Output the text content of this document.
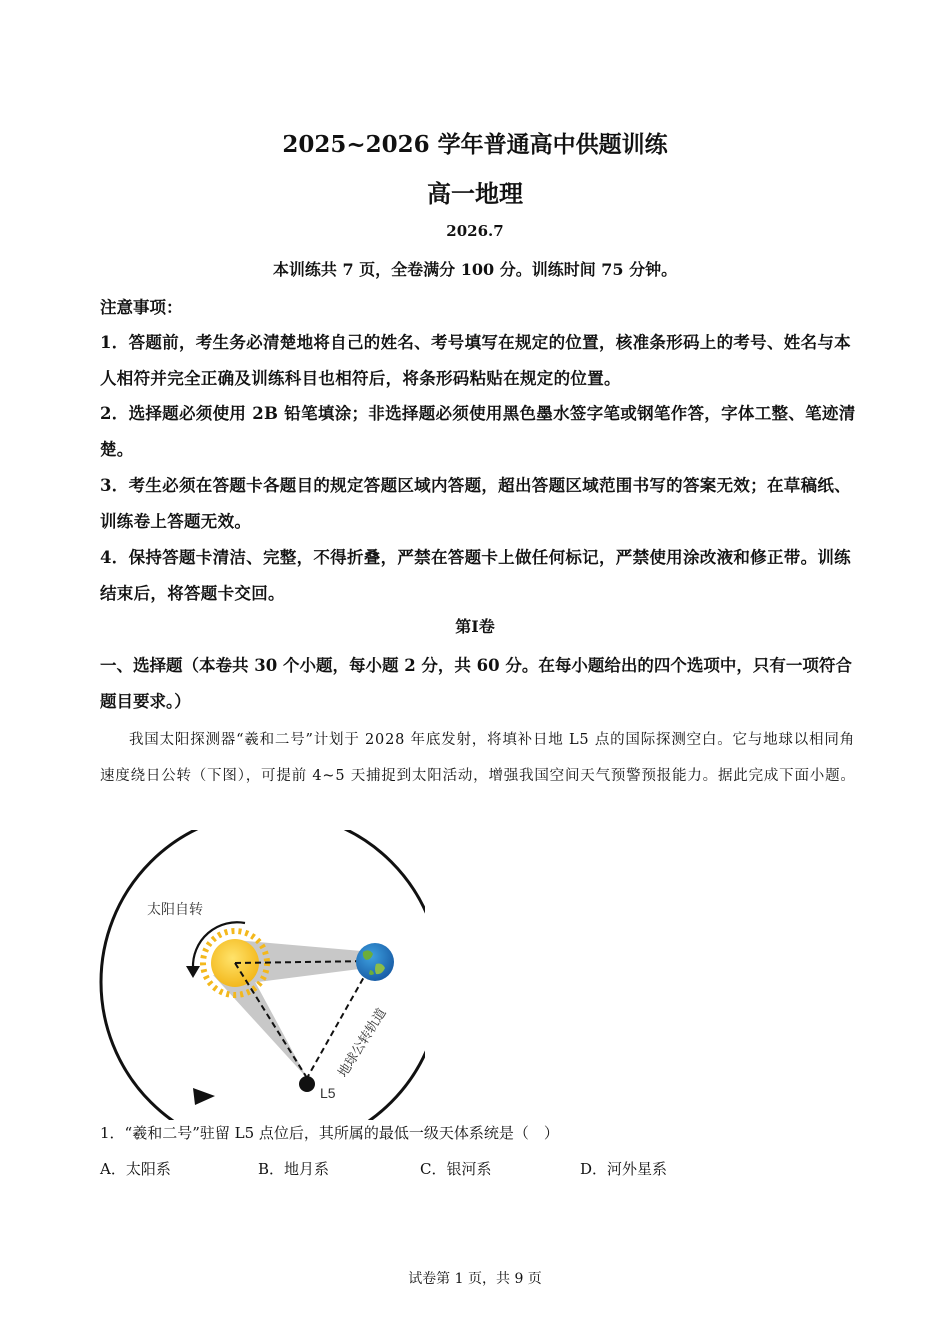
2025~2026 学年普通高中供题训练
高一地理
2026.7
本训练共 7 页，全卷满分 100 分。训练时间 75 分钟。
注意事项：
1．答题前，考生务必清楚地将自己的姓名、考号填写在规定的位置，核准条形码上的考号、姓名与本人相符并完全正确及训练科目也相符后，将条形码粘贴在规定的位置。
2．选择题必须使用 2B 铅笔填涂；非选择题必须使用黑色墨水签字笔或钢笔作答，字体工整、笔迹清楚。
3．考生必须在答题卡各题目的规定答题区域内答题，超出答题区域范围书写的答案无效；在草稿纸、训练卷上答题无效。
4．保持答题卡清洁、完整，不得折叠，严禁在答题卡上做任何标记，严禁使用涂改液和修正带。训练结束后，将答题卡交回。
第Ⅰ卷
一、选择题（本卷共 30 个小题，每小题 2 分，共 60 分。在每小题给出的四个选项中，只有一项符合题目要求。）
我国太阳探测器“羲和二号”计划于 2028 年底发射，将填补日地 L5 点的国际探测空白。它与地球以相同角速度绕日公转（下图），可提前 4~5 天捕捉到太阳活动，增强我国空间天气预警预报能力。据此完成下面小题。
L5
太阳自转
地球公转轨道
1．“羲和二号”驻留 L5 点位后，其所属的最低一级天体系统是（　）
A．太阳系	B．地月系	C．银河系	D．河外星系
试卷第 1 页，共 9 页
